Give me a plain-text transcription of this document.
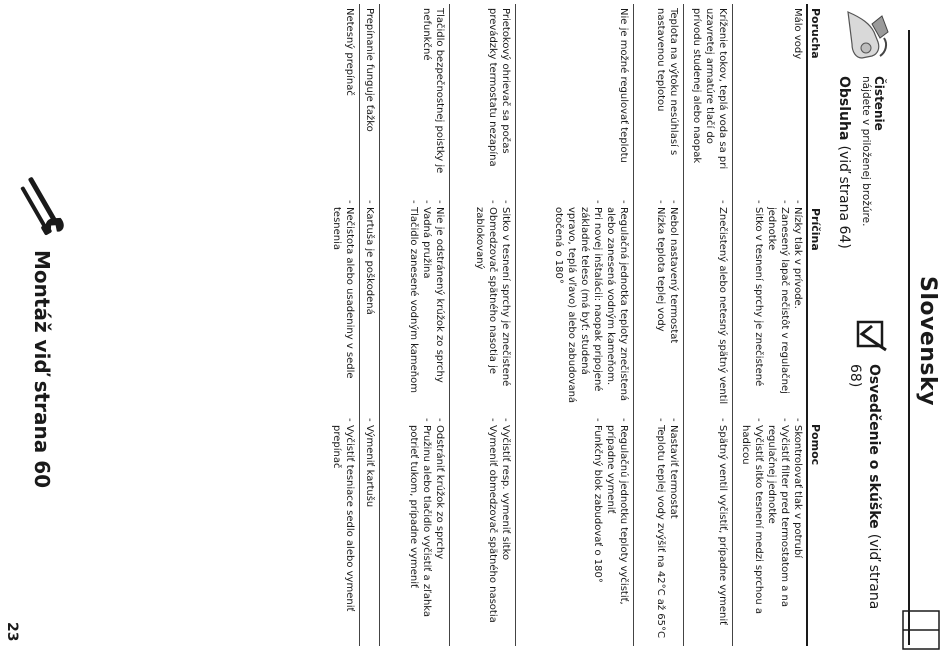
Slovensky
Osvedčenie o skúške (viď strana 68)
Čistenie
nájdete v priloženej brožúre.
Obsluha (viď strana 64)
Porucha
Príčina
Pomoc
Málo vody
- Nízky tlak v prívode.
- Zanesený lapač nečistôt v regulačnej jednotke
- Sitko v tesnení sprchy je znečistené
- Skontrolovať tlak v potrubí
- Vyčistiť filter pred termostatom a na regulačnej jednotke
- Vyčistiť sitko tesnení medzi sprchou a hadicou
Kríženie tokov, teplá voda sa pri uzavretej armatúre tlačí do prívodu studenej alebo naopak
- Znečistený alebo netesný spätný ventil
- Spätný ventil vyčistiť, prípadne vymeniť
Teplota na výtoku nesúhlasí s nastavenou teplotou
- Nebol nastavený termostat
- Nízka teplota teplej vody
- Nastaviť termostat
- Teplotu teplej vody zvýšiť na 42°C až 65°C
Nie je možné regulovať teplotu
- Regulačná jednotka teploty znečistená alebo zanesená vodným kameňom.
- Pri novej inštalácii: naopak pripojené základné teleso (má byť: studená vpravo, teplá vľavo) alebo zabudovaná otočená o 180°
- Regulačnú jednotku teploty vyčistiť, prípadne vymeniť
- Funkčný blok zabudovať o 180°
Prietokový ohrievač sa počas prevádzky termostatu nezapína
- Sitko v tesnení sprchy je znečistené
- Obmedzovač spätného nasotia je zablokovaný
- Vyčistiť resp. vymeniť sitko
- Vymeniť obmedzovač spätného nasotia
Tlačidlo bezpečnostnej poistky je nefunkčné
- Nie je odstránený krúžok zo sprchy
- Vadná pružina
- Tlačidlo zanesené vodným kameňom
- Odstrániť krúžok zo sprchy
- Pružinu alebo tlačidlo vyčistiť a zľahka potrieť tukom, prípadne vymeniť
Prepínanie funguje ťažko
- Kartuša je poškodená
- Výmeniť kartušu
Netesný prepínač
- Nečistota alebo usadeniny v sedle tesnenia
- Vyčistiť tesniace sedlo alebo vymeniť prepínač
Montáž viď strana 60
23
